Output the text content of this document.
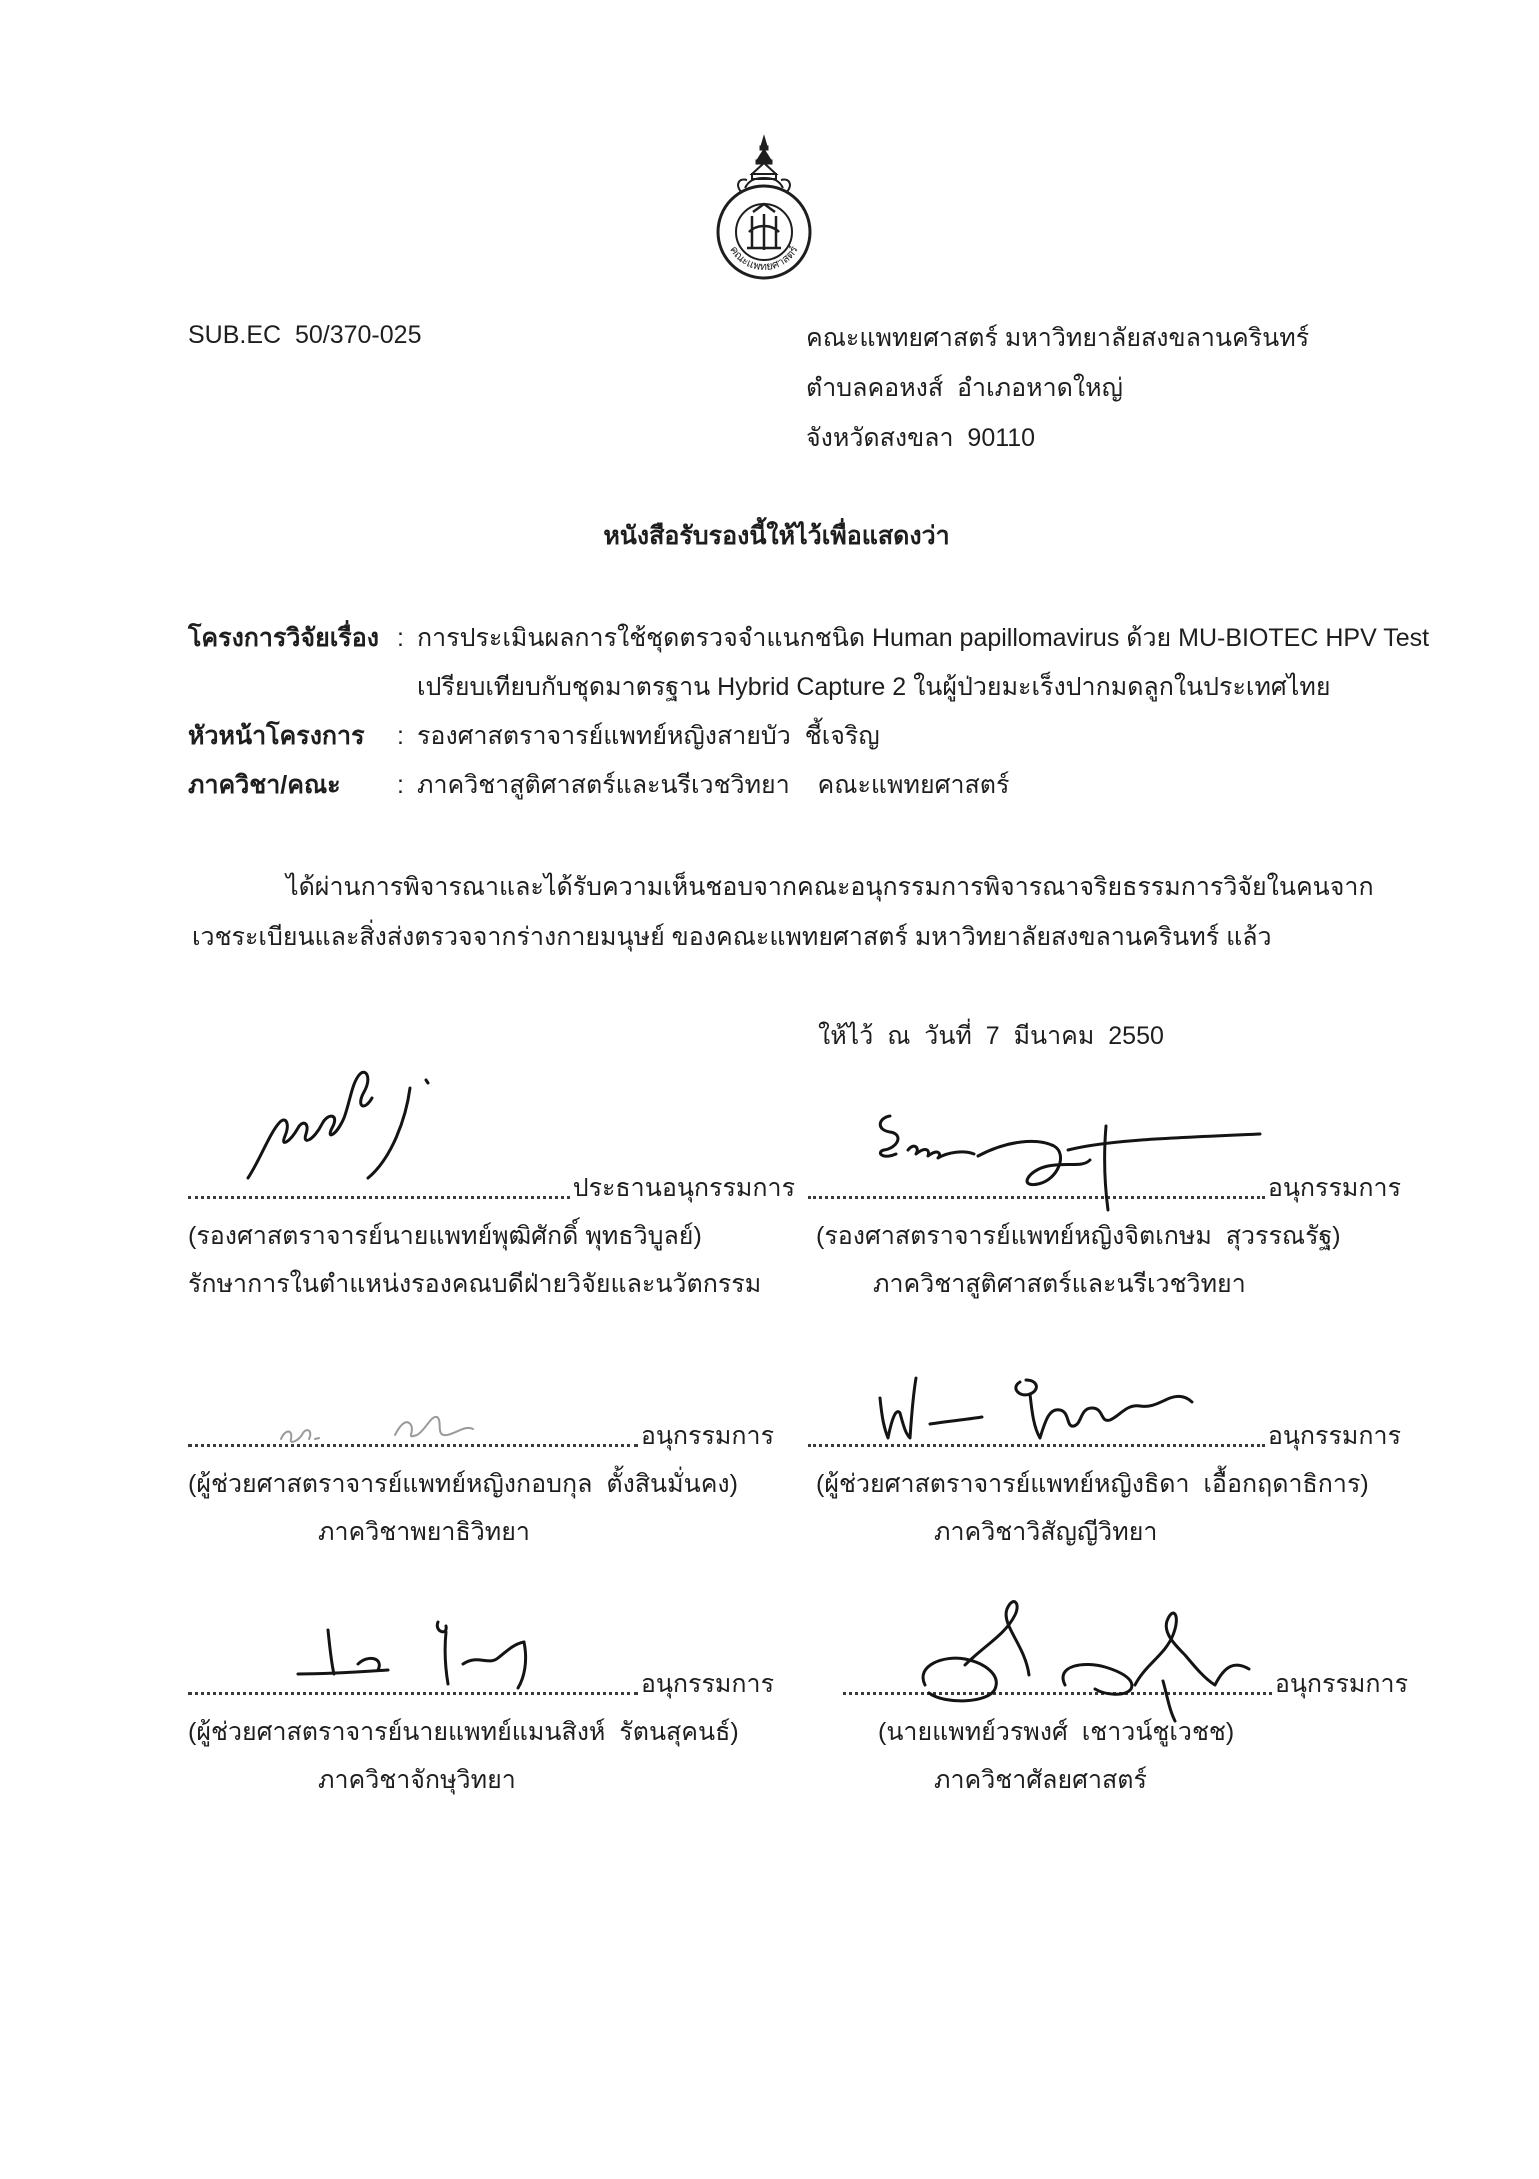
คณะแพทยศาสตร์
SUB.EC  50/370-025	คณะแพทยศาสตร์ มหาวิทยาลัยสงขลานครินทร์
ตำบลคอหงส์  อำเภอหาดใหญ่
จังหวัดสงขลา  90110
หนังสือรับรองนี้ให้ไว้เพื่อแสดงว่า
โครงการวิจัยเรื่อง : การประเมินผลการใช้ชุดตรวจจำแนกชนิด Human papillomavirus ด้วย MU-BIOTEC HPV Test
เปรียบเทียบกับชุดมาตรฐาน Hybrid Capture 2 ในผู้ป่วยมะเร็งปากมดลูกในประเทศไทย
หัวหน้าโครงการ	: รองศาสตราจารย์แพทย์หญิงสายบัว  ชี้เจริญ
ภาควิชา/คณะ	: ภาควิชาสูติศาสตร์และนรีเวชวิทยา    คณะแพทยศาสตร์
ได้ผ่านการพิจารณาและได้รับความเห็นชอบจากคณะอนุกรรมการพิจารณาจริยธรรมการวิจัยในคนจาก
เวชระเบียนและสิ่งส่งตรวจจากร่างกายมนุษย์ ของคณะแพทยศาสตร์ มหาวิทยาลัยสงขลานครินทร์ แล้ว
ให้ไว้  ณ  วันที่  7  มีนาคม  2550
ประธานอนุกรรมการ
(รองศาสตราจารย์นายแพทย์พุฒิศักดิ์ พุทธวิบูลย์)
รักษาการในตำแหน่งรองคณบดีฝ่ายวิจัยและนวัตกรรม
อนุกรรมการ
(รองศาสตราจารย์แพทย์หญิงจิตเกษม  สุวรรณรัฐ)
ภาควิชาสูติศาสตร์และนรีเวชวิทยา
อนุกรรมการ
(ผู้ช่วยศาสตราจารย์แพทย์หญิงกอบกุล  ตั้งสินมั่นคง)
ภาควิชาพยาธิวิทยา
อนุกรรมการ
(ผู้ช่วยศาสตราจารย์แพทย์หญิงธิดา  เอื้อกฤดาธิการ)
ภาควิชาวิสัญญีวิทยา
อนุกรรมการ
(ผู้ช่วยศาสตราจารย์นายแพทย์แมนสิงห์  รัตนสุคนธ์)
ภาควิชาจักษุวิทยา
อนุกรรมการ
(นายแพทย์วรพงศ์  เชาวน์ชูเวชช)
ภาควิชาศัลยศาสตร์
